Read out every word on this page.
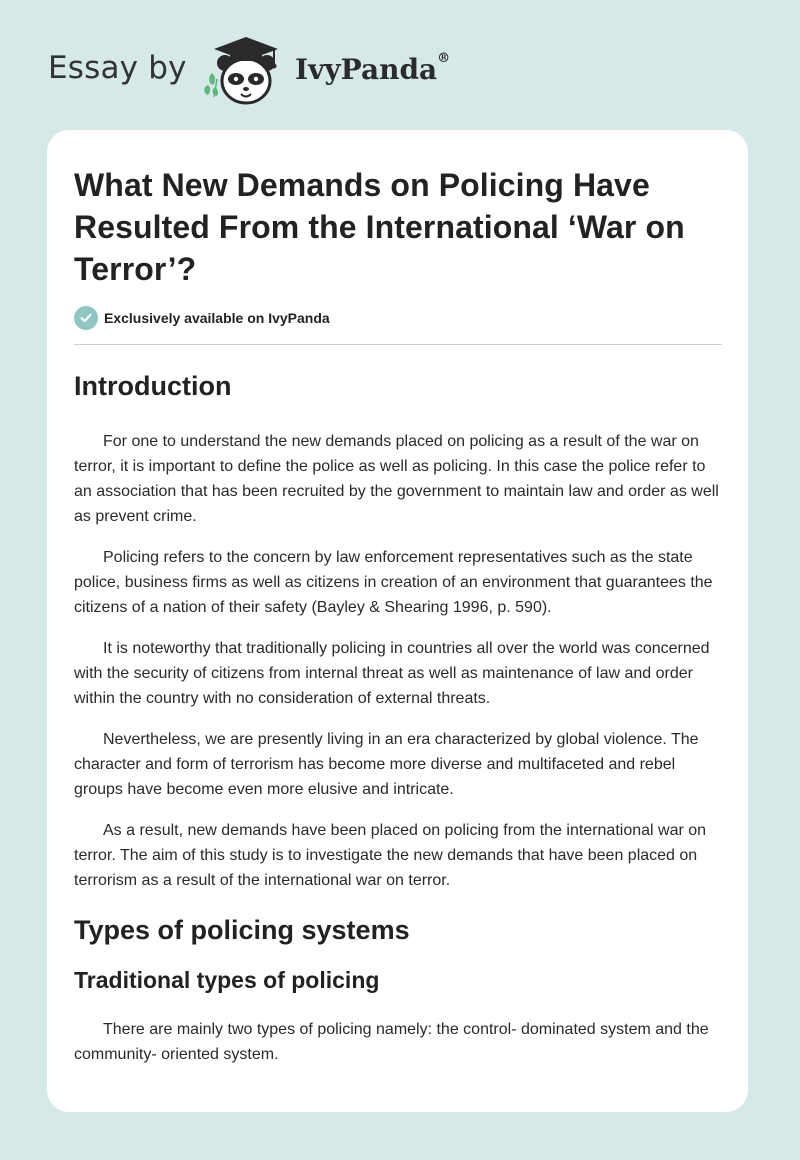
Essay by	IvyPanda®
What New Demands on Policing Have Resulted From the International ‘War on Terror’?
Exclusively available on IvyPanda
Introduction

For one to understand the new demands placed on policing as a result of the war on terror, it is important to define the police as well as policing. In this case the police refer to an association that has been recruited by the government to maintain law and order as well as prevent crime.

Policing refers to the concern by law enforcement representatives such as the state police, business firms as well as citizens in creation of an environment that guarantees the citizens of a nation of their safety (Bayley & Shearing 1996, p. 590).

It is noteworthy that traditionally policing in countries all over the world was concerned with the security of citizens from internal threat as well as maintenance of law and order within the country with no consideration of external threats.

Nevertheless, we are presently living in an era characterized by global violence. The character and form of terrorism has become more diverse and multifaceted and rebel groups have become even more elusive and intricate.

As a result, new demands have been placed on policing from the international war on terror. The aim of this study is to investigate the new demands that have been placed on terrorism as a result of the international war on terror.

Types of policing systems
Traditional types of policing

There are mainly two types of policing namely: the control- dominated system and the community- oriented system.
